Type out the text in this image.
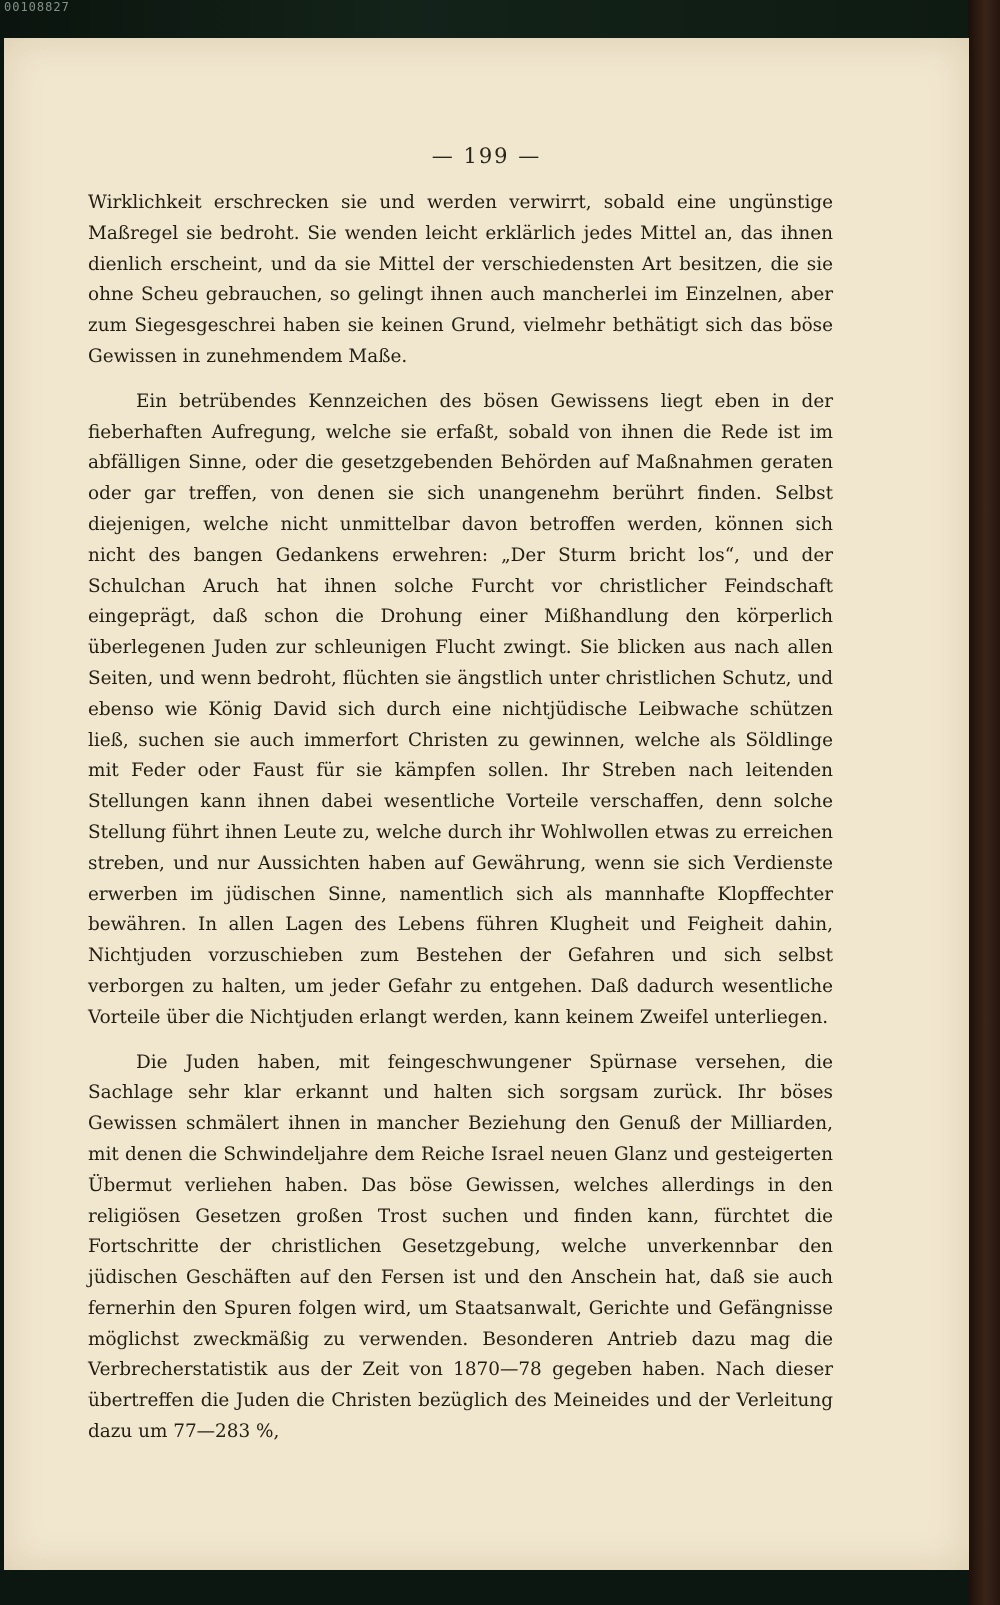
00108827
— 199 —

Wirklichkeit erschrecken sie und werden verwirrt, sobald eine ungünstige Maßregel sie bedroht. Sie wenden leicht erklärlich jedes Mittel an, das ihnen dienlich erscheint, und da sie Mittel der verschiedensten Art besitzen, die sie ohne Scheu gebrauchen, so gelingt ihnen auch mancherlei im Einzelnen, aber zum Siegesgeschrei haben sie keinen Grund, vielmehr bethätigt sich das böse Gewissen in zunehmendem Maße.

Ein betrübendes Kennzeichen des bösen Gewissens liegt eben in der fieberhaften Aufregung, welche sie erfaßt, sobald von ihnen die Rede ist im abfälligen Sinne, oder die gesetzgebenden Behörden auf Maßnahmen geraten oder gar treffen, von denen sie sich unangenehm berührt finden. Selbst diejenigen, welche nicht unmittelbar davon betroffen werden, können sich nicht des bangen Gedankens erwehren: „Der Sturm bricht los“, und der Schulchan Aruch hat ihnen solche Furcht vor christlicher Feindschaft eingeprägt, daß schon die Drohung einer Mißhandlung den körperlich überlegenen Juden zur schleunigen Flucht zwingt. Sie blicken aus nach allen Seiten, und wenn bedroht, flüchten sie ängstlich unter christlichen Schutz, und ebenso wie König David sich durch eine nichtjüdische Leibwache schützen ließ, suchen sie auch immerfort Christen zu gewinnen, welche als Söldlinge mit Feder oder Faust für sie kämpfen sollen. Ihr Streben nach leitenden Stellungen kann ihnen dabei wesentliche Vorteile verschaffen, denn solche Stellung führt ihnen Leute zu, welche durch ihr Wohlwollen etwas zu erreichen streben, und nur Aussichten haben auf Gewährung, wenn sie sich Verdienste erwerben im jüdischen Sinne, namentlich sich als mannhafte Klopffechter bewähren. In allen Lagen des Lebens führen Klugheit und Feigheit dahin, Nichtjuden vorzuschieben zum Bestehen der Gefahren und sich selbst verborgen zu halten, um jeder Gefahr zu entgehen. Daß dadurch wesentliche Vorteile über die Nichtjuden erlangt werden, kann keinem Zweifel unterliegen.

Die Juden haben, mit feingeschwungener Spürnase versehen, die Sachlage sehr klar erkannt und halten sich sorgsam zurück. Ihr böses Gewissen schmälert ihnen in mancher Beziehung den Genuß der Milliarden, mit denen die Schwindeljahre dem Reiche Israel neuen Glanz und gesteigerten Übermut verliehen haben. Das böse Gewissen, welches allerdings in den religiösen Gesetzen großen Trost suchen und finden kann, fürchtet die Fortschritte der christlichen Gesetzgebung, welche unverkennbar den jüdischen Geschäften auf den Fersen ist und den Anschein hat, daß sie auch fernerhin den Spuren folgen wird, um Staatsanwalt, Gerichte und Gefängnisse möglichst zweckmäßig zu verwenden. Besonderen Antrieb dazu mag die Verbrecherstatistik aus der Zeit von 1870—78 gegeben haben. Nach dieser übertreffen die Juden die Christen bezüglich des Meineides und der Verleitung dazu um 77—283 %,
